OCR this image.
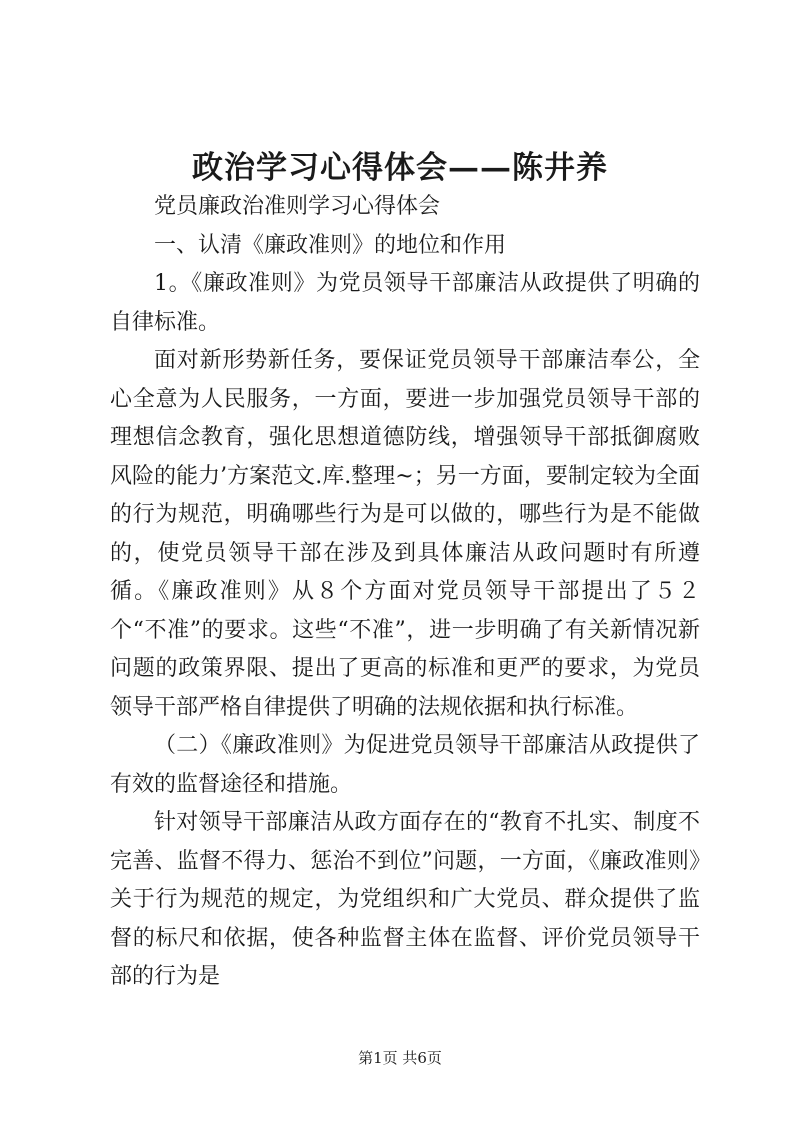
政治学习心得体会——陈井养

党员廉政治准则学习心得体会

一、认清《廉政准则》的地位和作用

1。《廉政准则》为党员领导干部廉洁从政提供了明确的自律标准。

面对新形势新任务，要保证党员领导干部廉洁奉公，全心全意为人民服务，一方面，要进一步加强党员领导干部的理想信念教育，强化思想道德防线，增强领导干部抵御腐败风险的能力’方案范文.库.整理~；另一方面，要制定较为全面的行为规范，明确哪些行为是可以做的，哪些行为是不能做的，使党员领导干部在涉及到具体廉洁从政问题时有所遵循。《廉政准则》从８个方面对党员领导干部提出了５２个“不准”的要求。这些“不准”，进一步明确了有关新情况新问题的政策界限、提出了更高的标准和更严的要求，为党员领导干部严格自律提供了明确的法规依据和执行标准。

（二）《廉政准则》为促进党员领导干部廉洁从政提供了有效的监督途径和措施。

针对领导干部廉洁从政方面存在的“教育不扎实、制度不完善、监督不得力、惩治不到位”问题，一方面，《廉政准则》关于行为规范的规定，为党组织和广大党员、群众提供了监督的标尺和依据，使各种监督主体在监督、评价党员领导干部的行为是

第1页 共6页
